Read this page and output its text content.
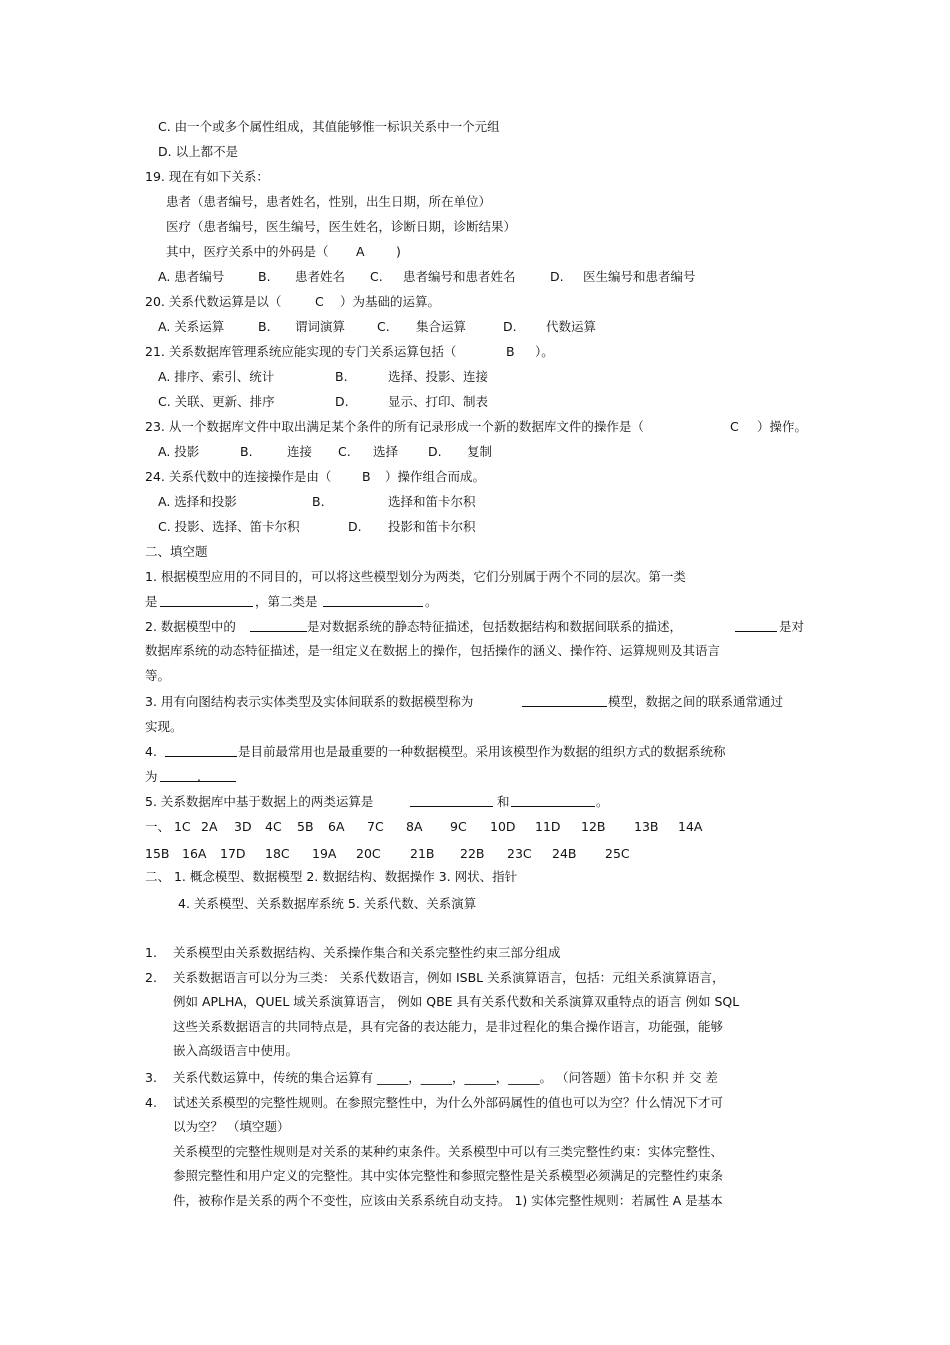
C. 由一个或多个属性组成，其值能够惟一标识关系中一个元组
D. 以上都不是
19. 现在有如下关系：
患者（患者编号，患者姓名，性别，出生日期，所在单位）
医疗（患者编号，医生编号，医生姓名，诊断日期，诊断结果）
其中，医疗关系中的外码是（ A	)
A. 患者编号	B. 患者姓名 C. 患者编号和患者姓名	D. 医生编号和患者编号
20. 关系代数运算是以（	C ）为基础的运算。
A. 关系运算	B. 谓词演算	C. 集合运算	D. 代数运算
21. 关系数据库管理系统应能实现的专门关系运算包括（	B ）。
A. 排序、索引、统计	B.	选择、投影、连接
C. 关联、更新、排序	D.	显示、打印、制表
23. 从一个数据库文件中取出满足某个条件的所有记录形成一个新的数据库文件的操作是（	C ）操作。
A. 投影	B.	连接 C. 选择 D. 复制
24. 关系代数中的连接操作是由（ B ）操作组合而成。
A. 选择和投影	B.	选择和笛卡尔积
C. 投影、选择、笛卡尔积	D. 投影和笛卡尔积
二、填空题
1. 根据模型应用的不同目的，可以将这些模型划分为两类，它们分别属于两个不同的层次。第一类
是	，第二类是	。
2. 数据模型中的	是对数据系统的静态特征描述，包括数据结构和数据间联系的描述，	是对
数据库系统的动态特征描述，是一组定义在数据上的操作，包括操作的涵义、操作符、运算规则及其语言
等。
3. 用有向图结构表示实体类型及实体间联系的数据模型称为	模型，数据之间的联系通常通过
实现。
4.	是目前最常用也是最重要的一种数据模型。采用该模型作为数据的组织方式的数据系统称
为	.
5. 关系数据库中基于数据上的两类运算是	和	。
一、 1C 2A 3D 4C 5B 6A 7C 8A 9C 10D 11D 12B 13B 14A
15B 16A 17D 18C 19A 20C 21B 22B 23C 24B 25C
二、 1. 概念模型、数据模型 2. 数据结构、数据操作 3. 网状、指针
4. 关系模型、关系数据库系统 5. 关系代数、关系演算
1. 关系模型由关系数据结构、关系操作集合和关系完整性约束三部分组成
2. 关系数据语言可以分为三类： 关系代数语言，例如 ISBL 关系演算语言，包括：元组关系演算语言，
例如 APLHA，QUEL 域关系演算语言， 例如 QBE 具有关系代数和关系演算双重特点的语言 例如 SQL
这些关系数据语言的共同特点是，具有完备的表达能力，是非过程化的集合操作语言，功能强，能够
嵌入高级语言中使用。
3. 关系代数运算中，传统的集合运算有 _____，_____，_____，_____。 （问答题）笛卡尔积 并 交 差
4. 试述关系模型的完整性规则。在参照完整性中，为什么外部码属性的值也可以为空？什么情况下才可
以为空？ （填空题）
关系模型的完整性规则是对关系的某种约束条件。关系模型中可以有三类完整性约束：实体完整性、
参照完整性和用户定义的完整性。其中实体完整性和参照完整性是关系模型必须满足的完整性约束条
件，被称作是关系的两个不变性，应该由关系系统自动支持。 1) 实体完整性规则：若属性 A 是基本
